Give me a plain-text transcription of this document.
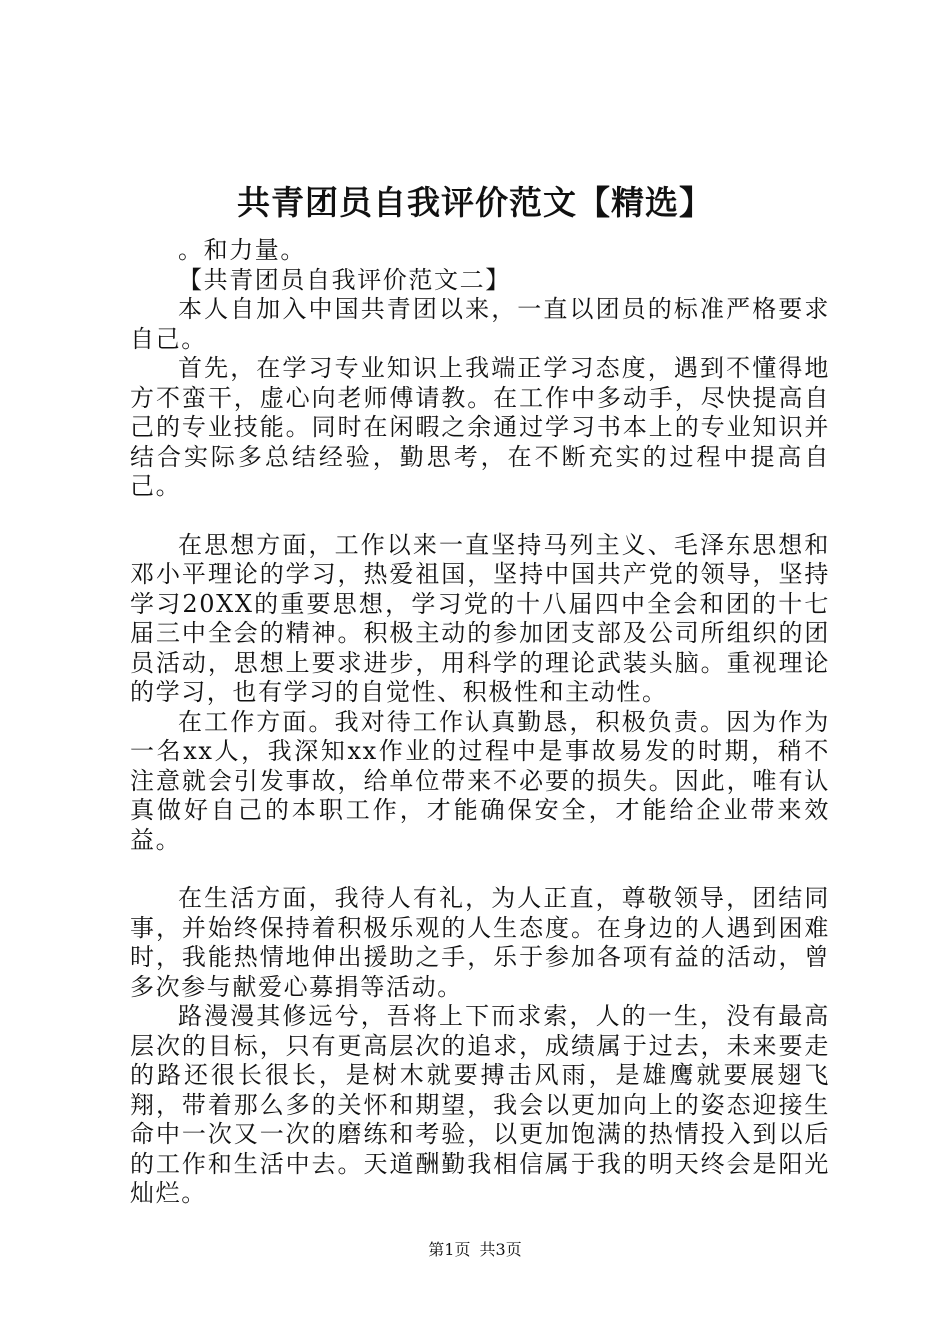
共青团员自我评价范文【精选】

。和力量。

【共青团员自我评价范文二】

本人自加入中国共青团以来，一直以团员的标准严格要求自己。

首先，在学习专业知识上我端正学习态度，遇到不懂得地方不蛮干，虚心向老师傅请教。在工作中多动手，尽快提高自己的专业技能。同时在闲暇之余通过学习书本上的专业知识并结合实际多总结经验，勤思考，在不断充实的过程中提高自己。

在思想方面，工作以来一直坚持马列主义、毛泽东思想和邓小平理论的学习，热爱祖国，坚持中国共产党的领导，坚持学习20XX的重要思想，学习党的十八届四中全会和团的十七届三中全会的精神。积极主动的参加团支部及公司所组织的团员活动，思想上要求进步，用科学的理论武装头脑。重视理论的学习，也有学习的自觉性、积极性和主动性。

在工作方面。我对待工作认真勤恳，积极负责。因为作为一名xx人，我深知xx作业的过程中是事故易发的时期，稍不注意就会引发事故，给单位带来不必要的损失。因此，唯有认真做好自己的本职工作，才能确保安全，才能给企业带来效益。

在生活方面，我待人有礼，为人正直，尊敬领导，团结同事，并始终保持着积极乐观的人生态度。在身边的人遇到困难时，我能热情地伸出援助之手，乐于参加各项有益的活动，曾多次参与献爱心募捐等活动。

路漫漫其修远兮，吾将上下而求索，人的一生，没有最高层次的目标，只有更高层次的追求，成绩属于过去，未来要走的路还很长很长，是树木就要搏击风雨，是雄鹰就要展翅飞翔，带着那么多的关怀和期望，我会以更加向上的姿态迎接生命中一次又一次的磨练和考验，以更加饱满的热情投入到以后的工作和生活中去。天道酬勤我相信属于我的明天终会是阳光灿烂。

第1页 共3页
